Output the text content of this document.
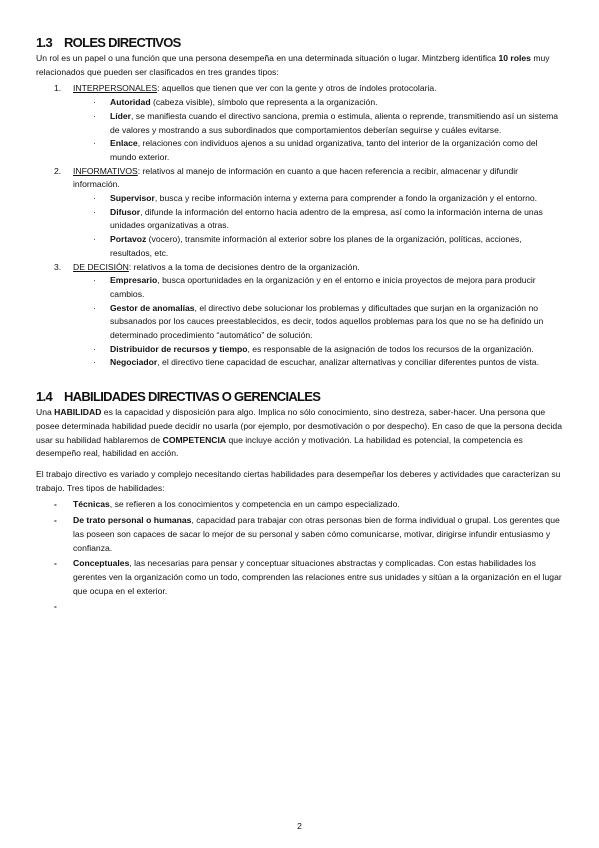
1.3 ROLES DIRECTIVOS

Un rol es un papel o una función que una persona desempeña en una determinada situación o lugar. Mintzberg identifica 10 roles muy relacionados que pueden ser clasificados en tres grandes tipos:

1. INTERPERSONALES: aquellos que tienen que ver con la gente y otros de índoles protocolaria.
· Autoridad (cabeza visible), símbolo que representa a la organización.
· Líder, se manifiesta cuando el directivo sanciona, premia o estimula, alienta o reprende, transmitiendo así un sistema de valores y mostrando a sus subordinados que comportamientos deberían seguirse y cuáles evitarse.
· Enlace, relaciones con individuos ajenos a su unidad organizativa, tanto del interior de la organización como del mundo exterior.
2. INFORMATIVOS: relativos al manejo de información en cuanto a que hacen referencia a recibir, almacenar y difundir información.
· Supervisor, busca y recibe información interna y externa para comprender a fondo la organización y el entorno.
· Difusor, difunde la información del entorno hacia adentro de la empresa, así como la información interna de unas unidades organizativas a otras.
· Portavoz (vocero), transmite información al exterior sobre los planes de la organización, políticas, acciones, resultados, etc.
3. DE DECISIÓN: relativos a la toma de decisiones dentro de la organización.
· Empresario, busca oportunidades en la organización y en el entorno e inicia proyectos de mejora para producir cambios.
· Gestor de anomalías, el directivo debe solucionar los problemas y dificultades que surjan en la organización no subsanados por los cauces preestablecidos, es decir, todos aquellos problemas para los que no se ha definido un determinado procedimiento “automático” de solución.
· Distribuidor de recursos y tiempo, es responsable de la asignación de todos los recursos de la organización.
· Negociador, el directivo tiene capacidad de escuchar, analizar alternativas y conciliar diferentes puntos de vista.
1.4 HABILIDADES DIRECTIVAS O GERENCIALES

Una HABILIDAD es la capacidad y disposición para algo. Implica no sólo conocimiento, sino destreza, saber-hacer. Una persona que posee determinada habilidad puede decidir no usarla (por ejemplo, por desmotivación o por despecho). En caso de que la persona decida usar su habilidad hablaremos de COMPETENCIA que incluye acción y motivación. La habilidad es potencial, la competencia es desempeño real, habilidad en acción.

El trabajo directivo es variado y complejo necesitando ciertas habilidades para desempeñar los deberes y actividades que caracterizan su trabajo. Tres tipos de habilidades:

- Técnicas, se refieren a los conocimientos y competencia en un campo especializado.
- De trato personal o humanas, capacidad para trabajar con otras personas bien de forma individual o grupal. Los gerentes que las poseen son capaces de sacar lo mejor de su personal y saben cómo comunicarse, motivar, dirigirse infundir entusiasmo y confianza.
- Conceptuales, las necesarias para pensar y conceptuar situaciones abstractas y complicadas. Con estas habilidades los gerentes ven la organización como un todo, comprenden las relaciones entre sus unidades y sitúan a la organización en el lugar que ocupa en el exterior.
-

2
